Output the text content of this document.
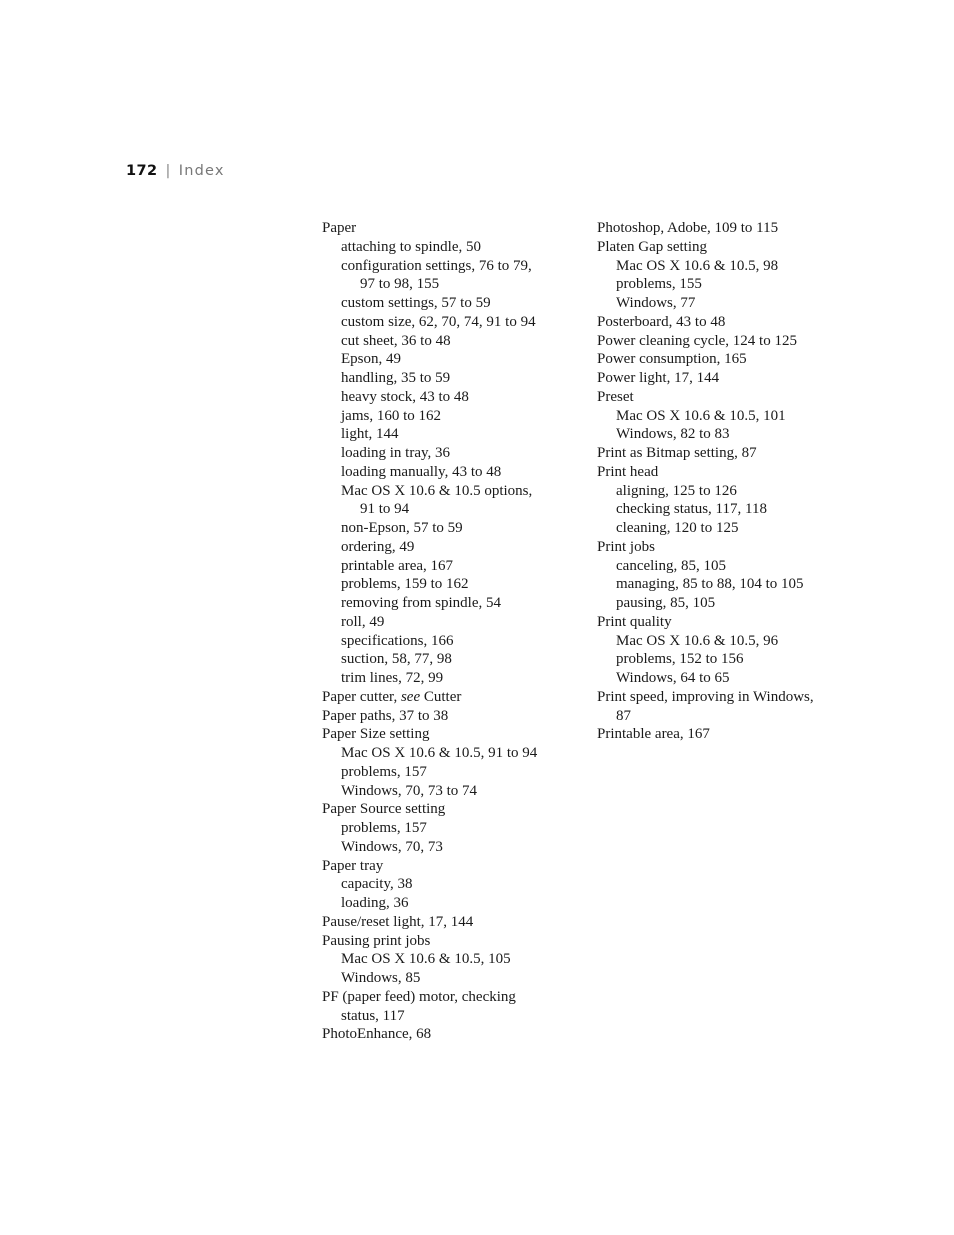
172 | Index

Paper

attaching to spindle, 50

configuration settings, 76 to 79,
97 to 98, 155

custom settings, 57 to 59

custom size, 62, 70, 74, 91 to 94

cut sheet, 36 to 48

Epson, 49

handling, 35 to 59

heavy stock, 43 to 48

jams, 160 to 162

light, 144

loading in tray, 36

loading manually, 43 to 48

Mac OS X 10.6 & 10.5 options,
91 to 94

non-Epson, 57 to 59

ordering, 49

printable area, 167

problems, 159 to 162

removing from spindle, 54

roll, 49

specifications, 166

suction, 58, 77, 98

trim lines, 72, 99

Paper cutter, see Cutter

Paper paths, 37 to 38

Paper Size setting

Mac OS X 10.6 & 10.5, 91 to 94

problems, 157

Windows, 70, 73 to 74

Paper Source setting

problems, 157

Windows, 70, 73

Paper tray

capacity, 38

loading, 36

Pause/reset light, 17, 144

Pausing print jobs

Mac OS X 10.6 & 10.5, 105

Windows, 85

PF (paper feed) motor, checking
status, 117

PhotoEnhance, 68

Photoshop, Adobe, 109 to 115

Platen Gap setting

Mac OS X 10.6 & 10.5, 98

problems, 155

Windows, 77

Posterboard, 43 to 48

Power cleaning cycle, 124 to 125

Power consumption, 165

Power light, 17, 144

Preset

Mac OS X 10.6 & 10.5, 101

Windows, 82 to 83

Print as Bitmap setting, 87

Print head

aligning, 125 to 126

checking status, 117, 118

cleaning, 120 to 125

Print jobs

canceling, 85, 105

managing, 85 to 88, 104 to 105

pausing, 85, 105

Print quality

Mac OS X 10.6 & 10.5, 96

problems, 152 to 156

Windows, 64 to 65

Print speed, improving in Windows,
87

Printable area, 167
